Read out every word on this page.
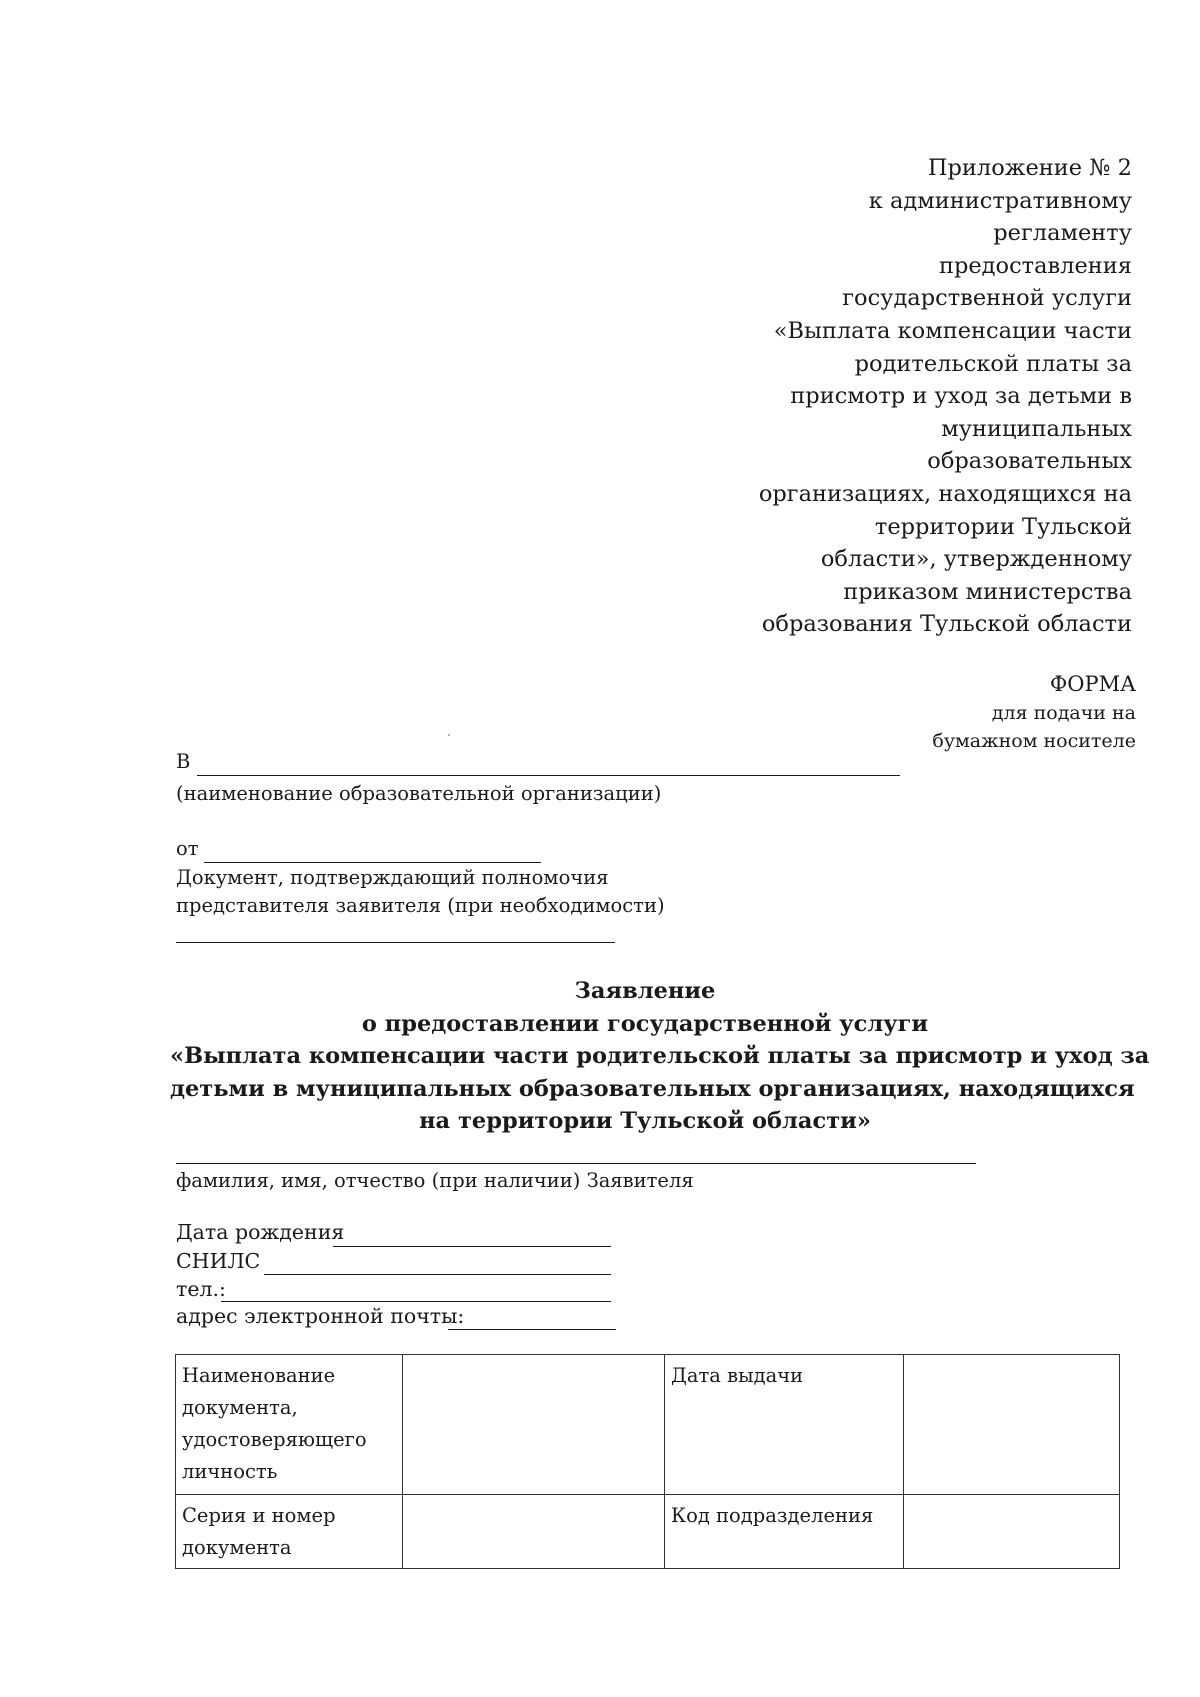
Приложение № 2
к административному
регламенту
предоставления
государственной услуги
«Выплата компенсации части
родительской платы за
присмотр и уход за детьми в
муниципальных
образовательных
организациях, находящихся на
территории Тульской
области», утвержденному
приказом министерства
образования Тульской области
ФОРМА
для подачи на
бумажном носителе
В
(наименование образовательной организации)
от
Документ, подтверждающий полномочия
представителя заявителя (при необходимости)
Заявление
о предоставлении государственной услуги
«Выплата компенсации части родительской платы за присмотр и уход за
детьми в муниципальных образовательных организациях, находящихся
на территории Тульской области»
фамилия, имя, отчество (при наличии) Заявителя
Дата рождения
СНИЛС
тел.:
адрес электронной почты:
Наименование
документа,
удостоверяющего
личность		Дата выдачи	

Серия и номер
документа		Код подразделения	
